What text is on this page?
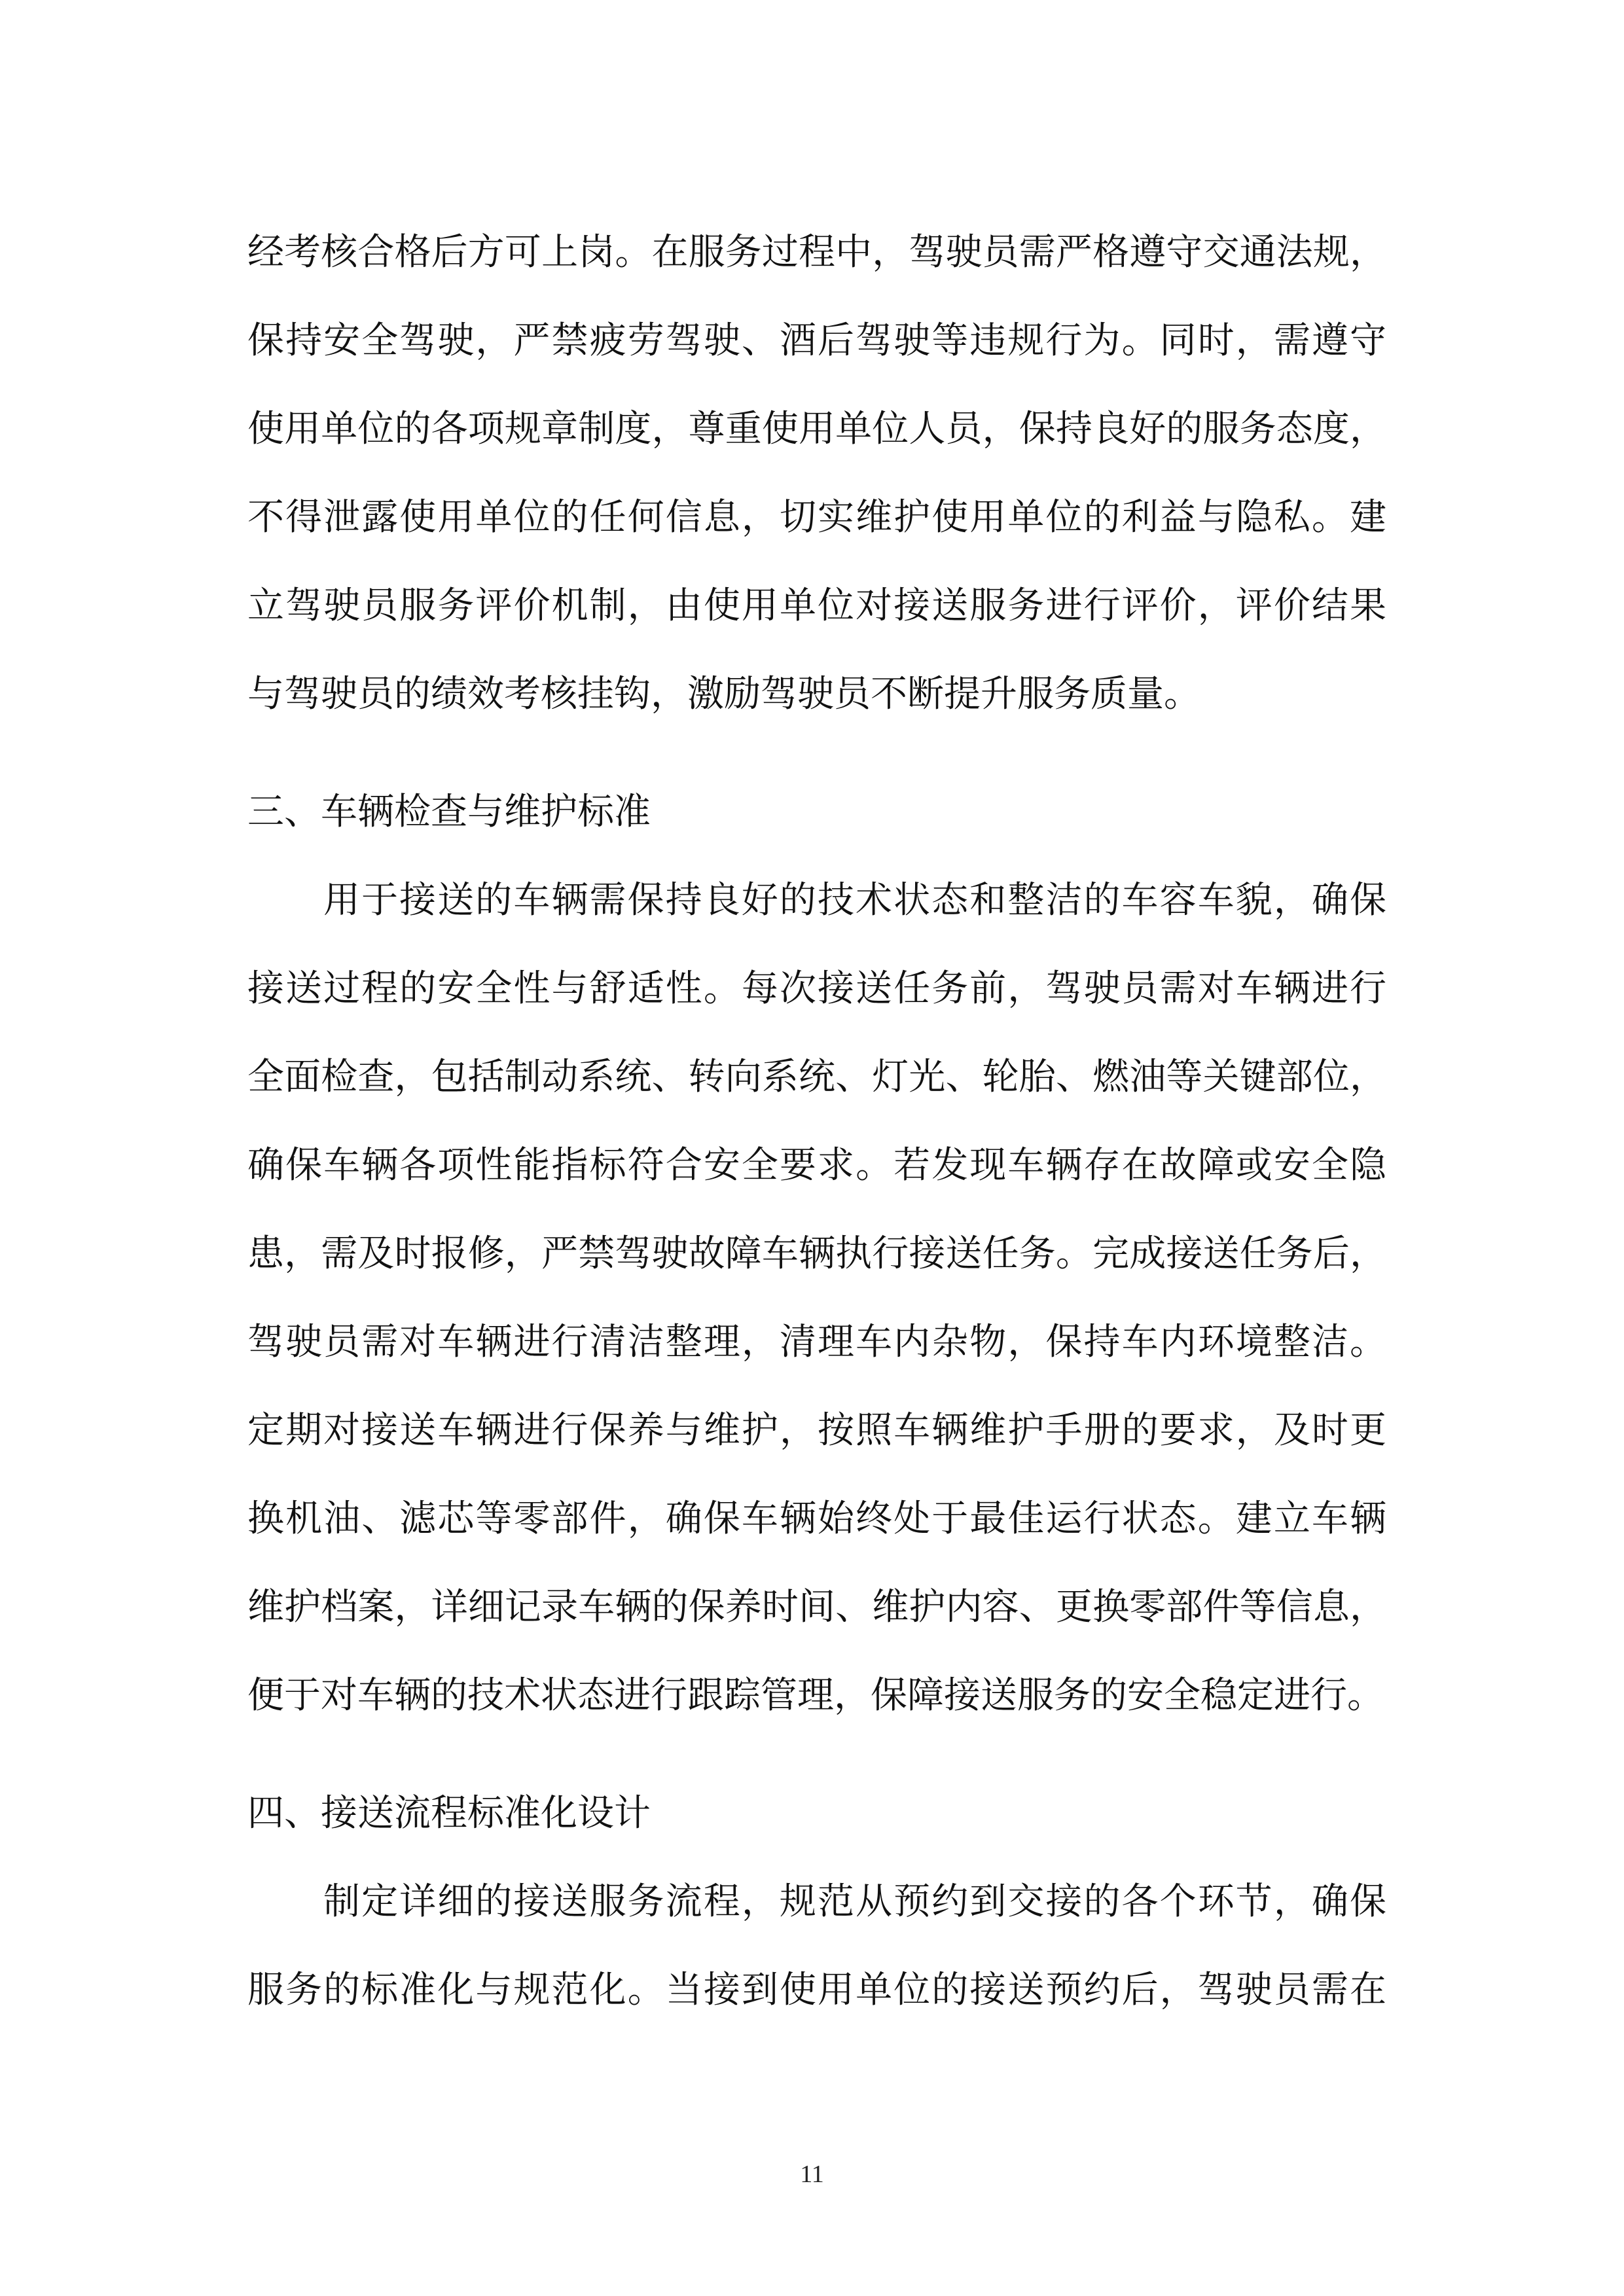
经考核合格后方可上岗。在服务过程中，驾驶员需严格遵守交通法规，
保持安全驾驶，严禁疲劳驾驶、酒后驾驶等违规行为。同时，需遵守
使用单位的各项规章制度，尊重使用单位人员，保持良好的服务态度，
不得泄露使用单位的任何信息，切实维护使用单位的利益与隐私。建
立驾驶员服务评价机制，由使用单位对接送服务进行评价，评价结果
与驾驶员的绩效考核挂钩，激励驾驶员不断提升服务质量。
三、车辆检查与维护标准
用于接送的车辆需保持良好的技术状态和整洁的车容车貌，确保
接送过程的安全性与舒适性。每次接送任务前，驾驶员需对车辆进行
全面检查，包括制动系统、转向系统、灯光、轮胎、燃油等关键部位，
确保车辆各项性能指标符合安全要求。若发现车辆存在故障或安全隐
患，需及时报修，严禁驾驶故障车辆执行接送任务。完成接送任务后，
驾驶员需对车辆进行清洁整理，清理车内杂物，保持车内环境整洁。
定期对接送车辆进行保养与维护，按照车辆维护手册的要求，及时更
换机油、滤芯等零部件，确保车辆始终处于最佳运行状态。建立车辆
维护档案，详细记录车辆的保养时间、维护内容、更换零部件等信息，
便于对车辆的技术状态进行跟踪管理，保障接送服务的安全稳定进行。
四、接送流程标准化设计
制定详细的接送服务流程，规范从预约到交接的各个环节，确保
服务的标准化与规范化。当接到使用单位的接送预约后，驾驶员需在
11
